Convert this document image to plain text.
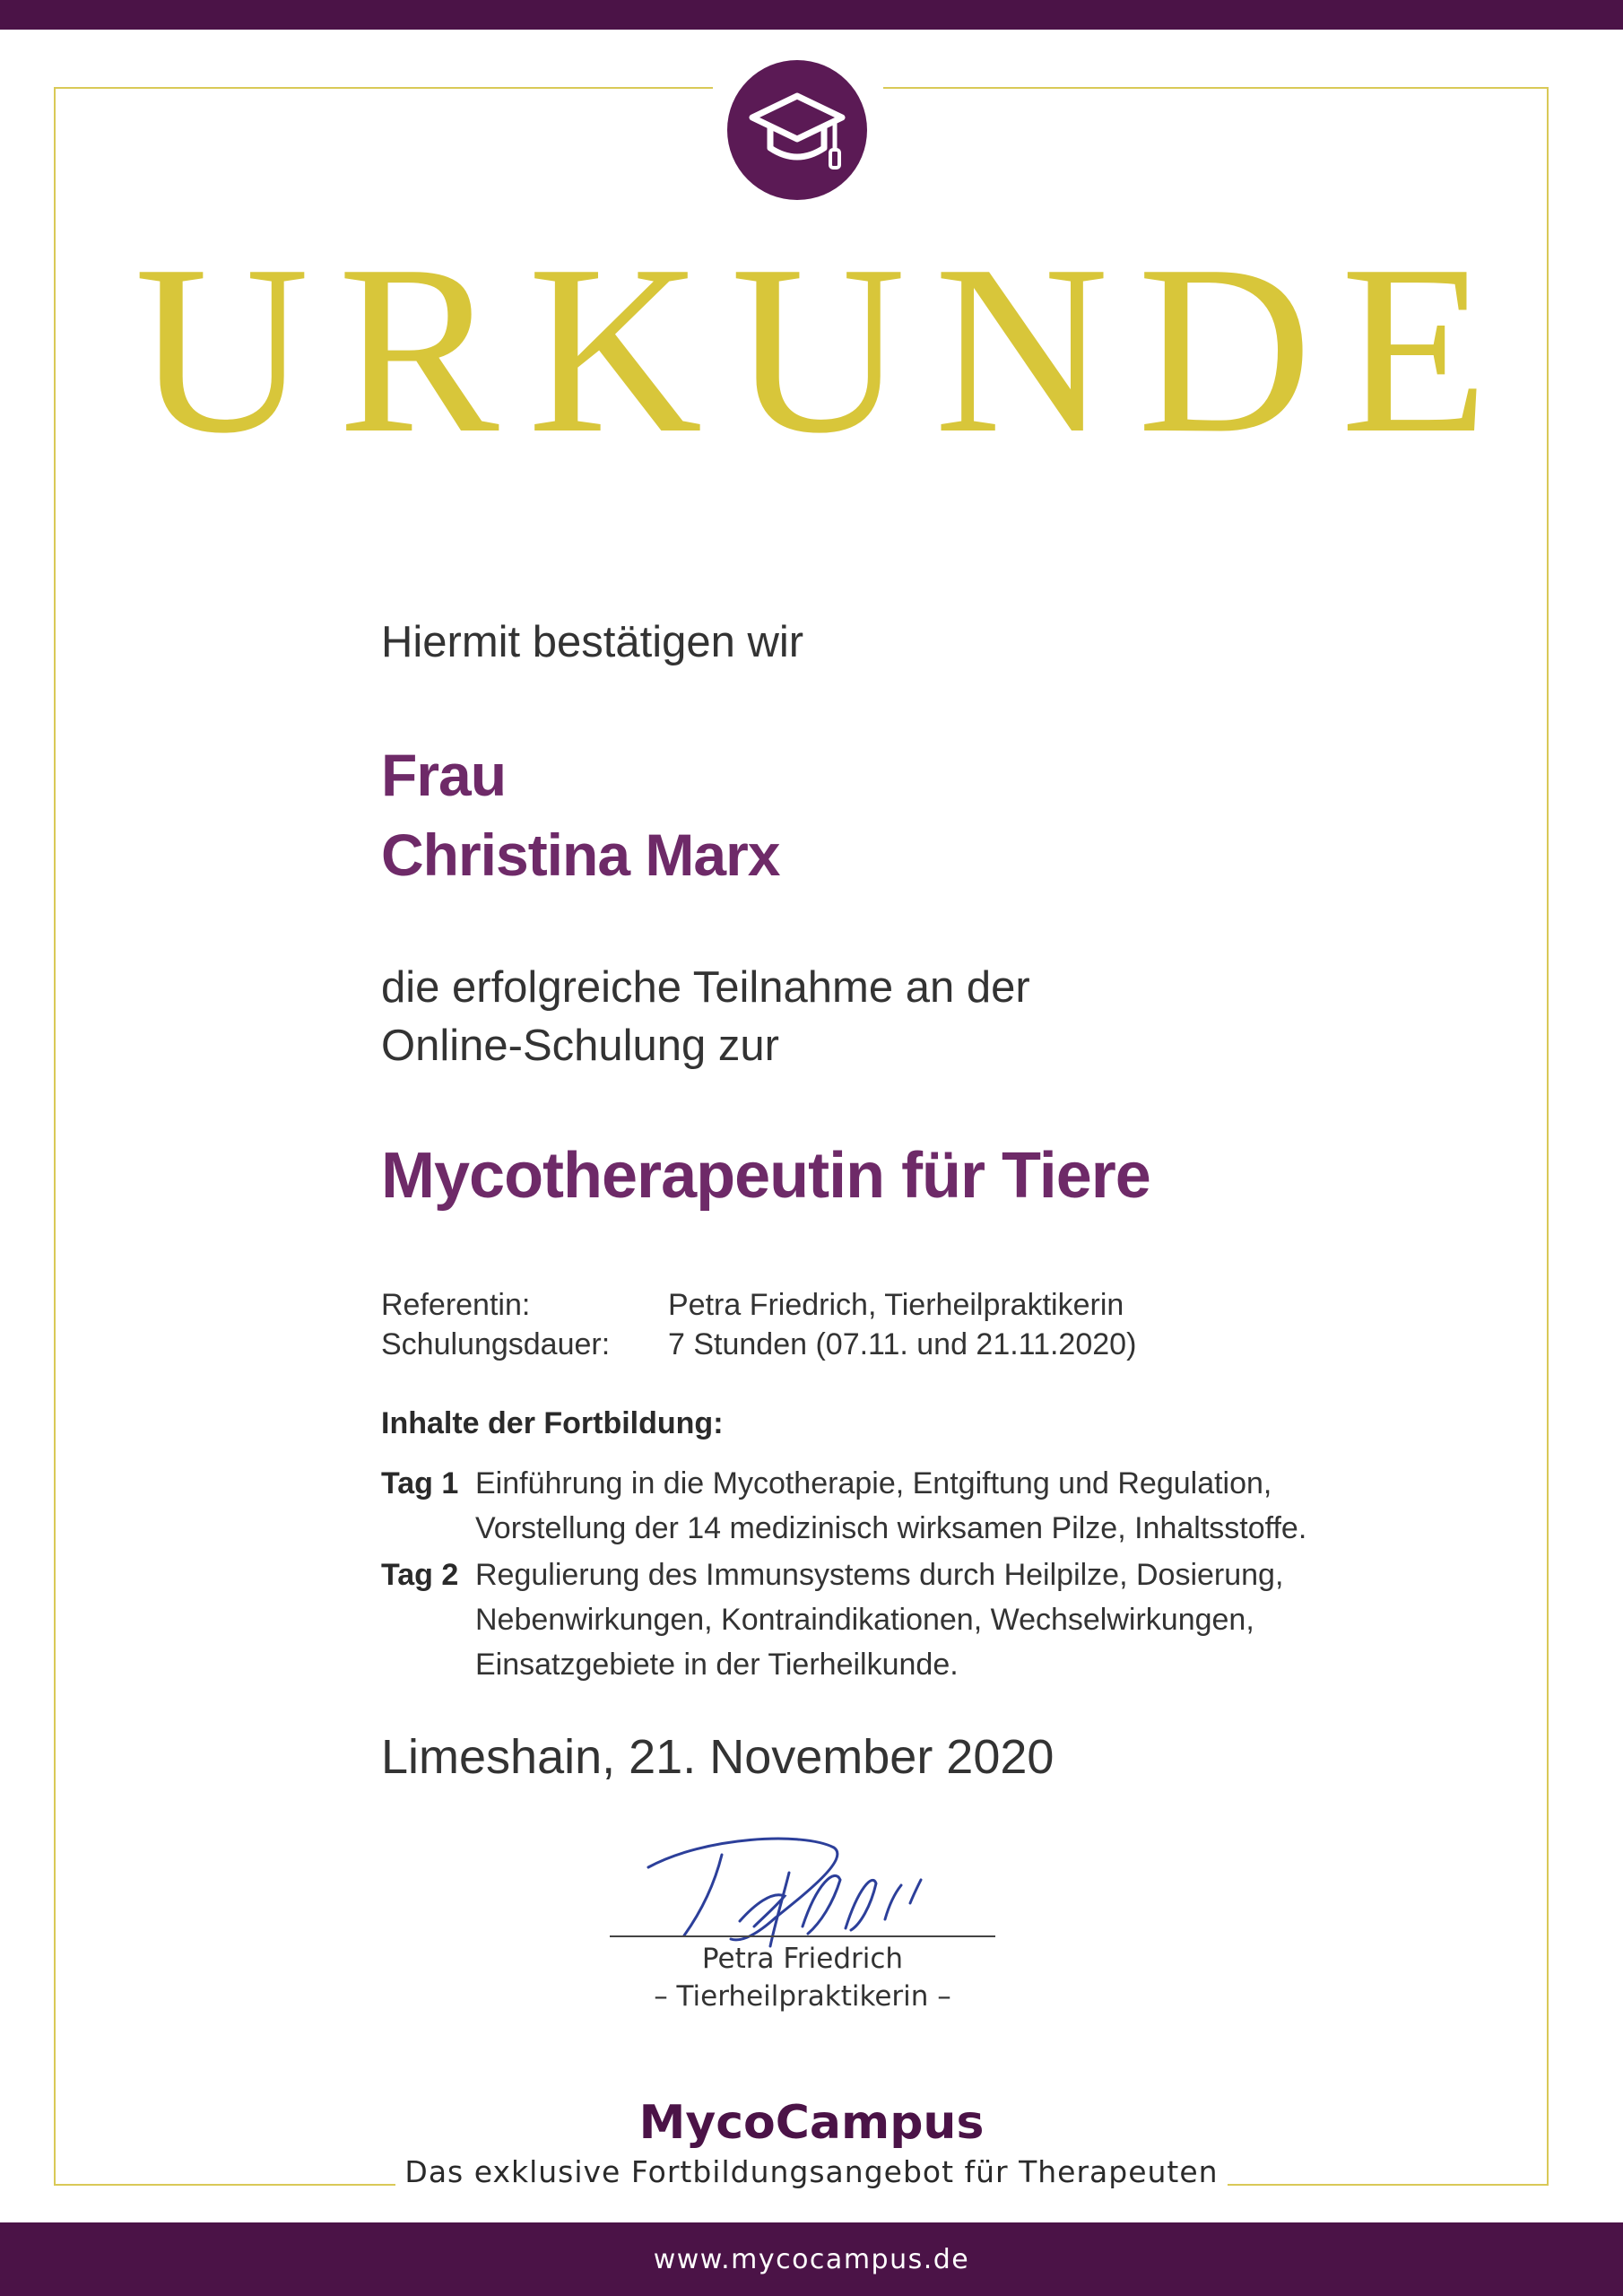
URKUNDE

Hiermit bestätigen wir

Frau

Christina Marx

die erfolgreiche Teilnahme an der

Online-Schulung zur

Mycotherapeutin für Tiere

Referentin:	Petra Friedrich, Tierheilpraktikerin

Schulungsdauer: 7 Stunden (07.11. und 21.11.2020)

Inhalte der Fortbildung:

Tag 1 Einführung in die Mycotherapie, Entgiftung und Regulation,

Vorstellung der 14 medizinisch wirksamen Pilze, Inhaltsstoffe.

Tag 2 Regulierung des Immunsystems durch Heilpilze, Dosierung,

Nebenwirkungen, Kontraindikationen, Wechselwirkungen,

Einsatzgebiete in der Tierheilkunde.

Limeshain, 21. November 2020

Petra Friedrich

– Tierheilpraktikerin –

MycoCampus

Das exklusive Fortbildungsangebot für Therapeuten
www.mycocampus.de
